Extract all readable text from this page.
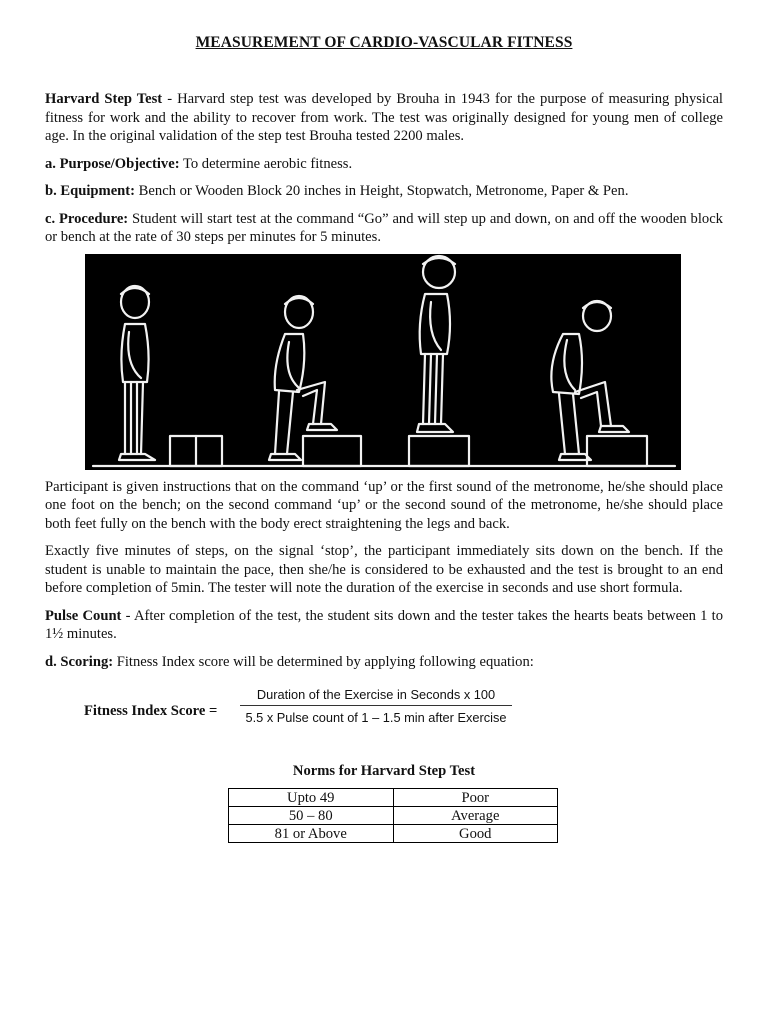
MEASUREMENT OF CARDIO-VASCULAR FITNESS

Harvard Step Test - Harvard step test was developed by Brouha in 1943 for the purpose of measuring physical fitness for work and the ability to recover from work. The test was originally designed for young men of college age. In the original validation of the step test Brouha tested 2200 males.

a. Purpose/Objective: To determine aerobic fitness.

b. Equipment: Bench or Wooden Block 20 inches in Height, Stopwatch, Metronome, Paper & Pen.

c. Procedure: Student will start test at the command “Go” and will step up and down, on and off the wooden block or bench at the rate of 30 steps per minutes for 5 minutes.

Participant is given instructions that on the command ‘up’ or the first sound of the metronome, he/she should place one foot on the bench; on the second command ‘up’ or the second sound of the metronome, he/she should place both feet fully on the bench with the body erect straightening the legs and back.

Exactly five minutes of steps, on the signal ‘stop’, the participant immediately sits down on the bench. If the student is unable to maintain the pace, then she/he is considered to be exhausted and the test is brought to an end before completion of 5min. The tester will note the duration of the exercise in seconds and use short formula.

Pulse Count - After completion of the test, the student sits down and the tester takes the hearts beats between 1 to 1½ minutes.

d. Scoring: Fitness Index score will be determined by applying following equation:

Fitness Index Score =
Duration of the Exercise in Seconds x 100
5.5 x Pulse count of 1 – 1.5 min after Exercise
Norms for Harvard Step Test
Upto 49	Poor
50 – 80	Average
81 or Above	Good
